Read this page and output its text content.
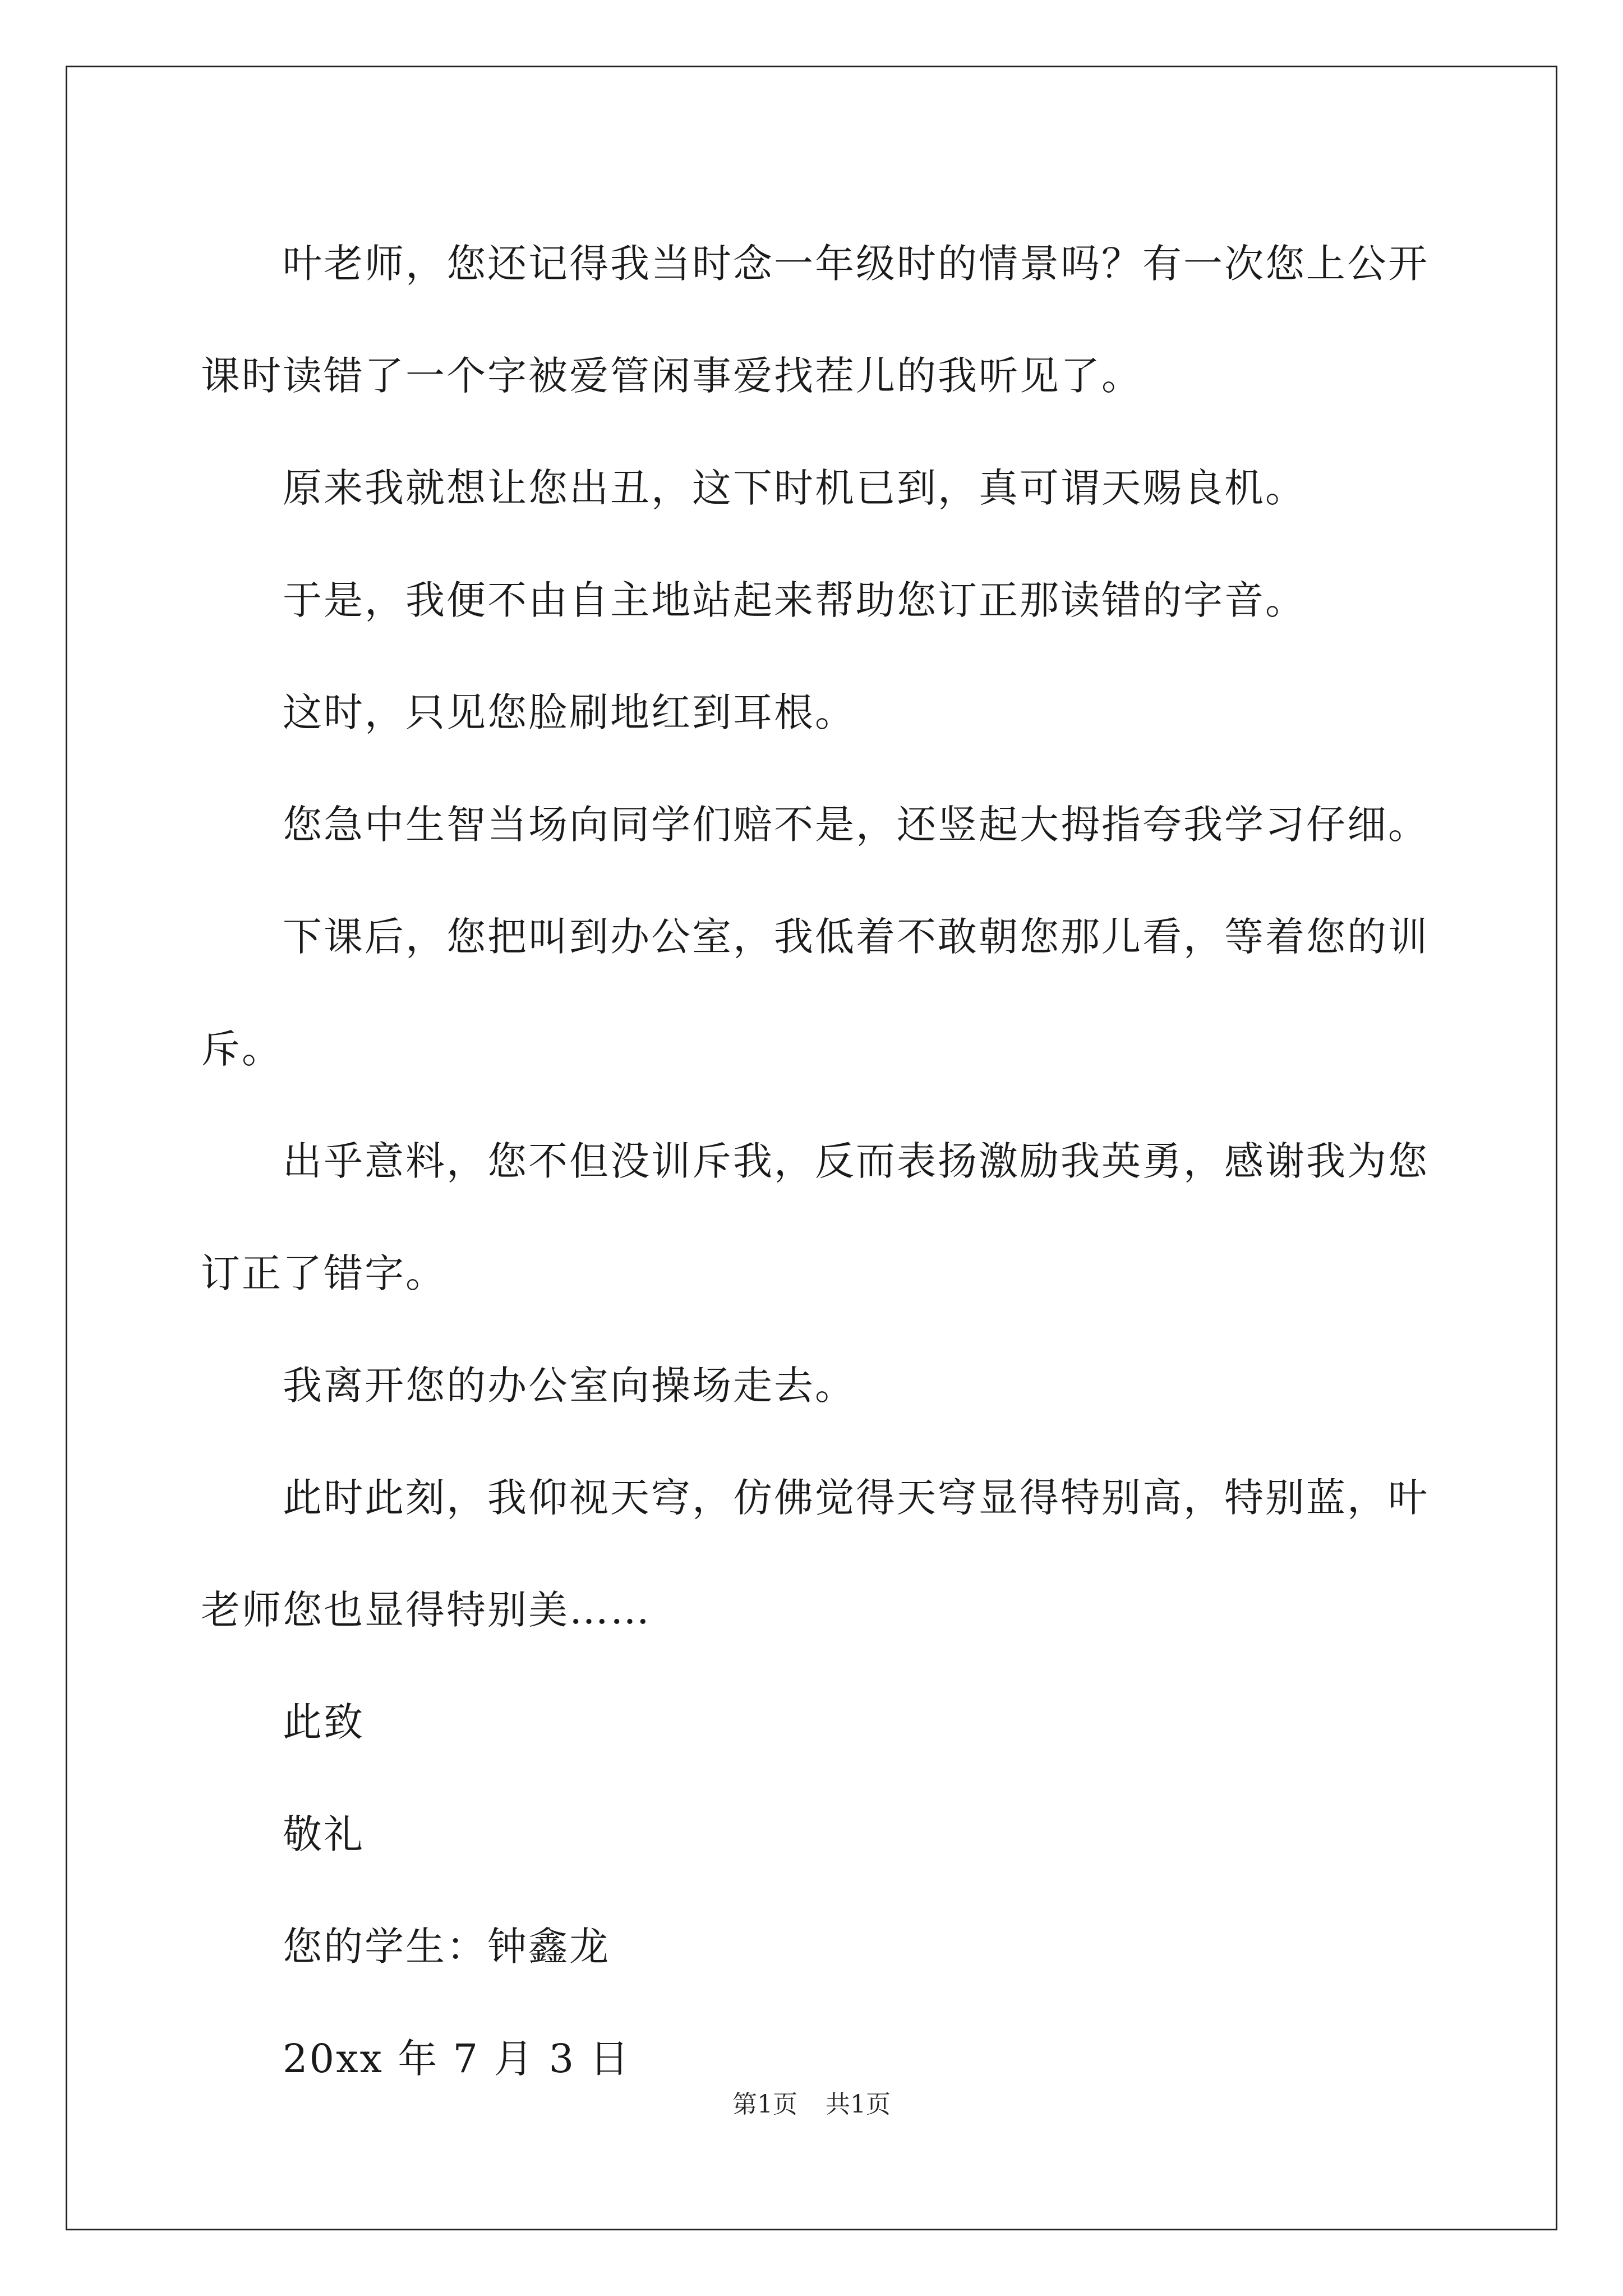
叶老师，您还记得我当时念一年级时的情景吗？有一次您上公开课时读错了一个字被爱管闲事爱找茬儿的我听见了。

原来我就想让您出丑，这下时机已到，真可谓天赐良机。

于是，我便不由自主地站起来帮助您订正那读错的字音。

这时，只见您脸刷地红到耳根。

您急中生智当场向同学们赔不是，还竖起大拇指夸我学习仔细。

下课后，您把叫到办公室，我低着不敢朝您那儿看，等着您的训斥。

出乎意料，您不但没训斥我，反而表扬激励我英勇，感谢我为您订正了错字。

我离开您的办公室向操场走去。

此时此刻，我仰视天穹，仿佛觉得天穹显得特别高，特别蓝，叶老师您也显得特别美……

此致

敬礼

您的学生：钟鑫龙

20xx 年 7 月 3 日

第1页 共1页
